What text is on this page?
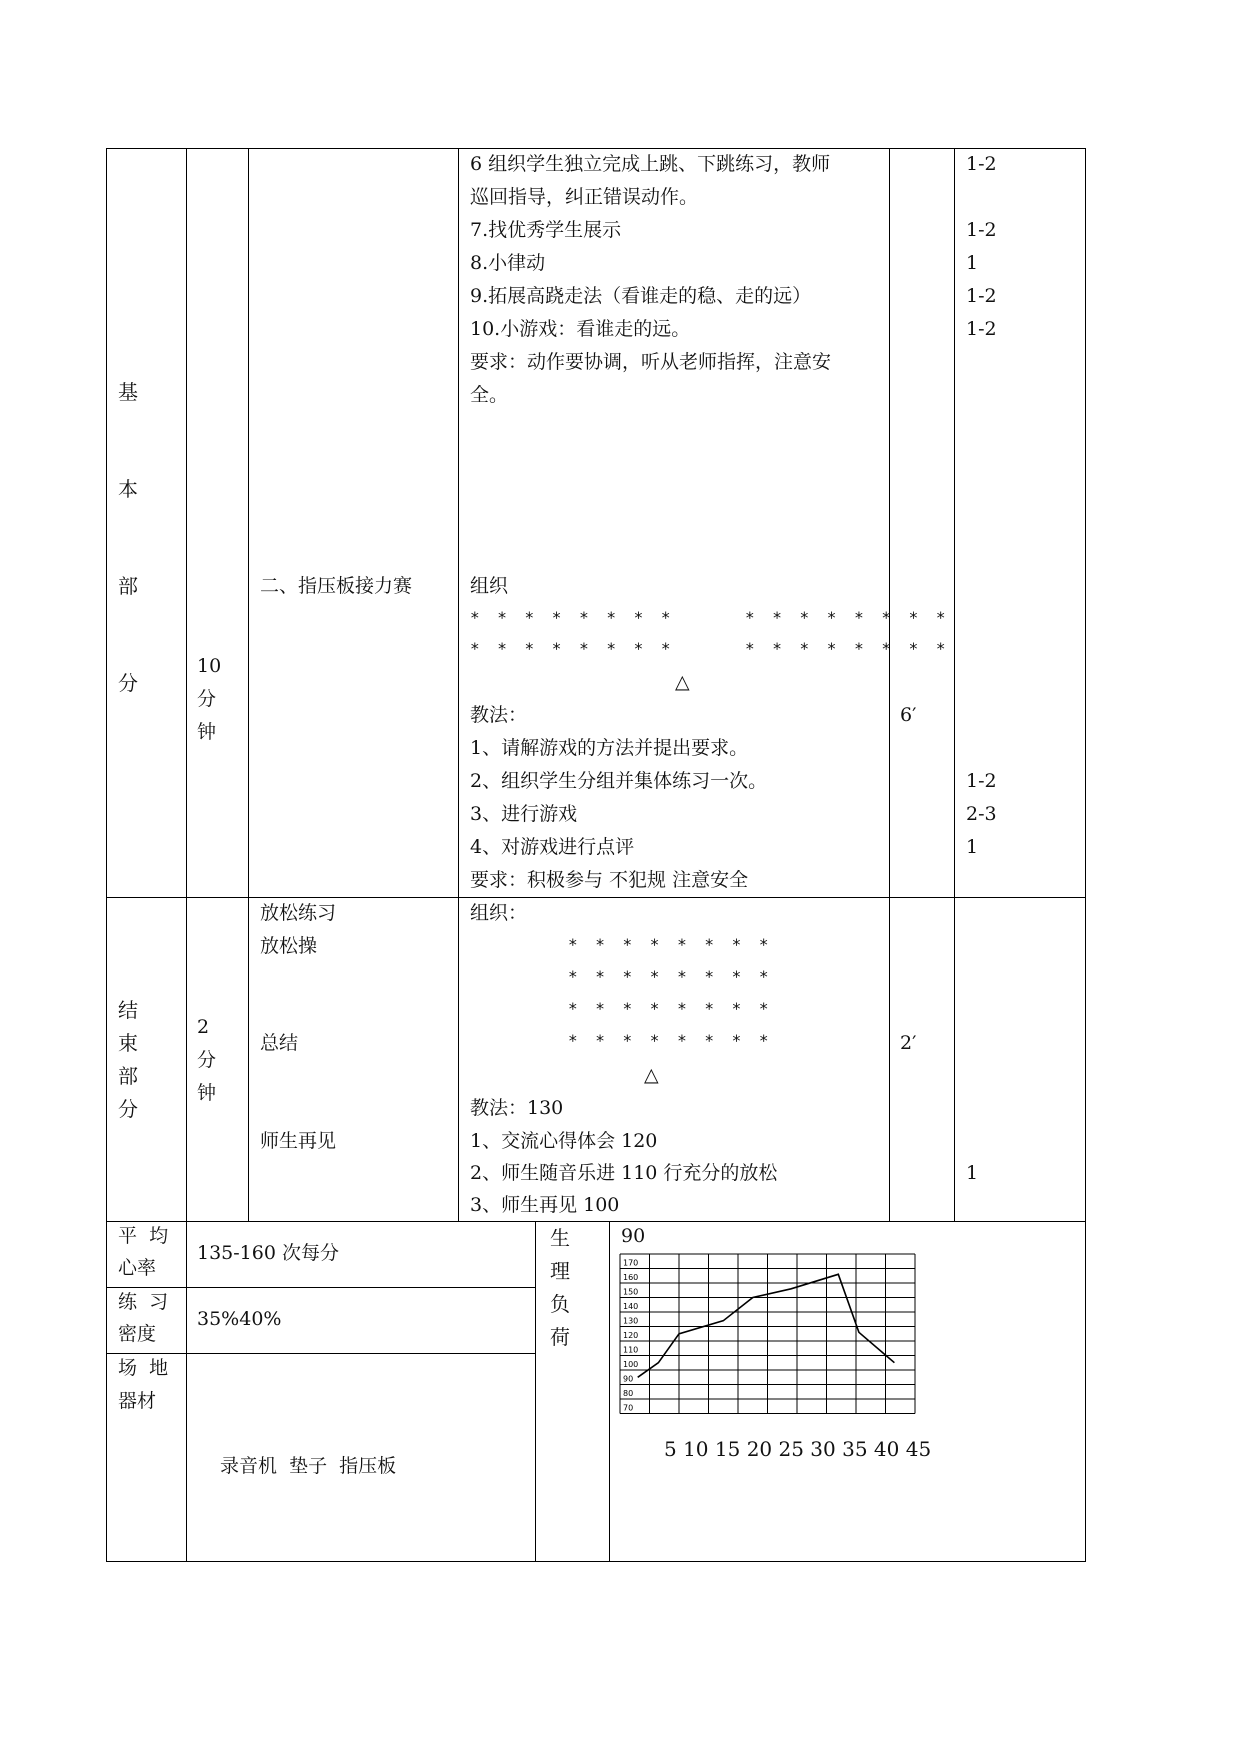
基
本
部
分
10
分
钟
二、指压板接力赛
6 组织学生独立完成上跳、下跳练习，教师
巡回指导，纠正错误动作。
7.找优秀学生展示
8.小律动
9.拓展高跷走法（看谁走的稳、走的远）
10.小游戏：看谁走的远。
要求：动作要协调，听从老师指挥，注意安
全。
1-2
1-2
1
1-2
1-2
组织
* * * * * * * *	* * * * * * * *
* * * * * * * *	* * * * * * * *
△
教法：
1、请解游戏的方法并提出要求。
2、组织学生分组并集体练习一次。
3、进行游戏
4、对游戏进行点评
要求：积极参与 不犯规 注意安全
6′
1-2
2-3
1
结
束
部
分
2
分
钟
放松练习
放松操
总结
师生再见
组织：
* * * * * * * *
* * * * * * * *
* * * * * * * *
* * * * * * * *
△
教法：130
1、交流心得体会 120
2、师生随音乐进 110 行充分的放松
3、师生再见 100
2′
1
平  均
心率
135-160 次每分
练  习
密度
35%40%
场  地
器材
录音机  垫子  指压板
生
理
负
荷
90
170
160
150
140
130
120
110
100
90
80
70
5 10 15 20 25 30 35 40 45
